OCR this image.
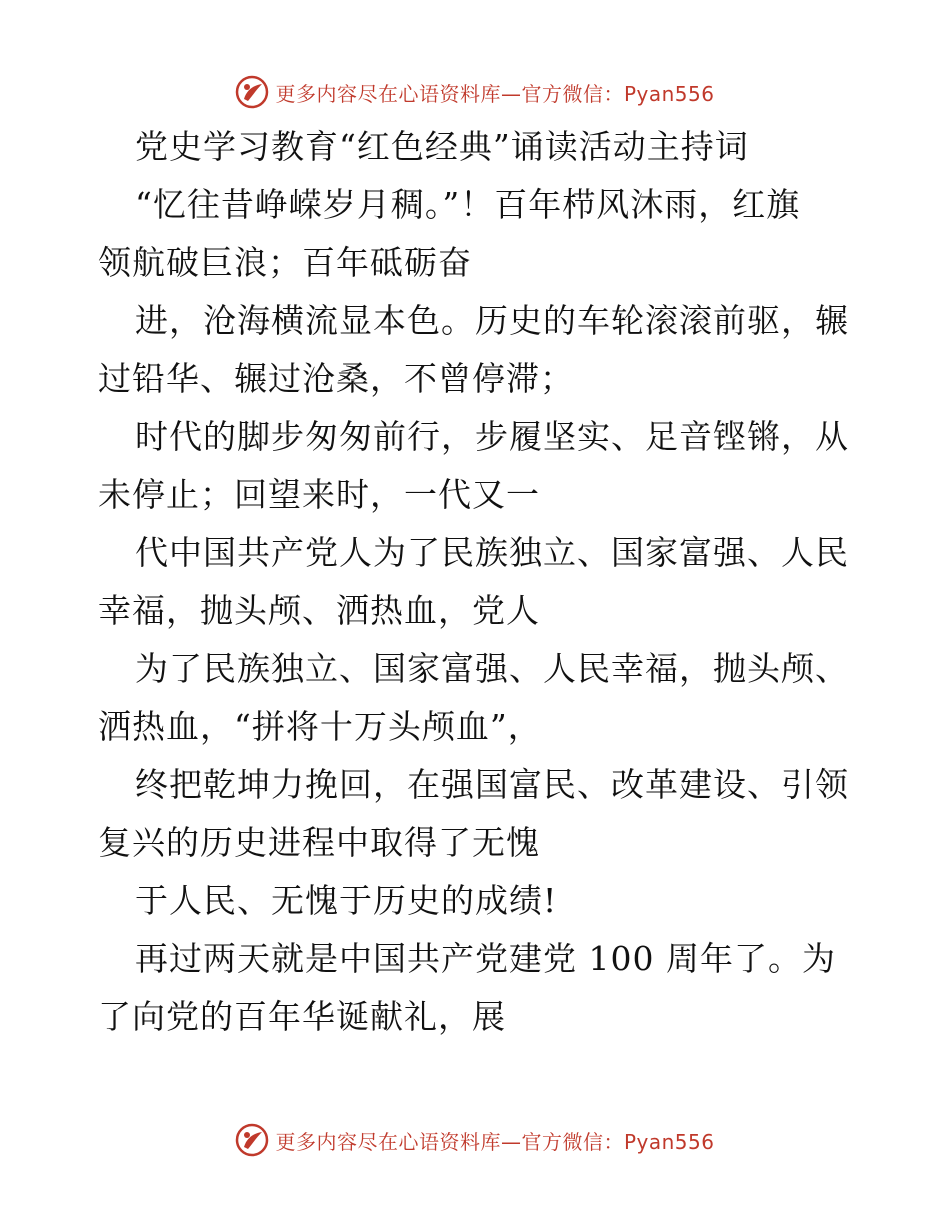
更多内容尽在心语资料库—官方微信：Pyan556

党史学习教育“红色经典”诵读活动主持词

“忆往昔峥嵘岁月稠。”！百年栉风沐雨，红旗
领航破巨浪；百年砥砺奋
进，沧海横流显本色。历史的车轮滚滚前驱，辗
过铅华、辗过沧桑，不曾停滞；
时代的脚步匆匆前行，步履坚实、足音铿锵，从
未停止；回望来时，一代又一
代中国共产党人为了民族独立、国家富强、人民
幸福，抛头颅、洒热血，党人
为了民族独立、国家富强、人民幸福，抛头颅、
洒热血，“拼将十万头颅血”，
终把乾坤力挽回，在强国富民、改革建设、引领
复兴的历史进程中取得了无愧
于人民、无愧于历史的成绩!
再过两天就是中国共产党建党 100 周年了。为
了向党的百年华诞献礼，展
更多内容尽在心语资料库—官方微信：Pyan556
